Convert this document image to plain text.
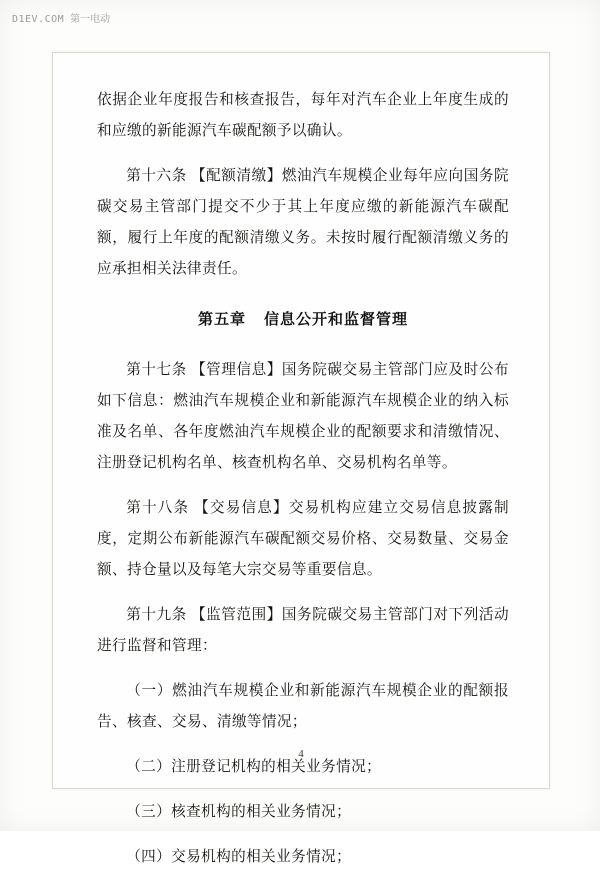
D1EV.COM 第一电动

依据企业年度报告和核查报告，每年对汽车企业上年度生成的和应缴的新能源汽车碳配额予以确认。

第十六条 【配额清缴】燃油汽车规模企业每年应向国务院碳交易主管部门提交不少于其上年度应缴的新能源汽车碳配额，履行上年度的配额清缴义务。未按时履行配额清缴义务的应承担相关法律责任。

第五章 信息公开和监督管理

第十七条 【管理信息】国务院碳交易主管部门应及时公布如下信息：燃油汽车规模企业和新能源汽车规模企业的纳入标准及名单、各年度燃油汽车规模企业的配额要求和清缴情况、注册登记机构名单、核查机构名单、交易机构名单等。

第十八条 【交易信息】交易机构应建立交易信息披露制度，定期公布新能源汽车碳配额交易价格、交易数量、交易金额、持仓量以及每笔大宗交易等重要信息。

第十九条 【监管范围】国务院碳交易主管部门对下列活动进行监督和管理：

（一）燃油汽车规模企业和新能源汽车规模企业的配额报告、核查、交易、清缴等情况；

（二）注册登记机构的相关业务情况；

（三）核查机构的相关业务情况；

（四）交易机构的相关业务情况；

4
